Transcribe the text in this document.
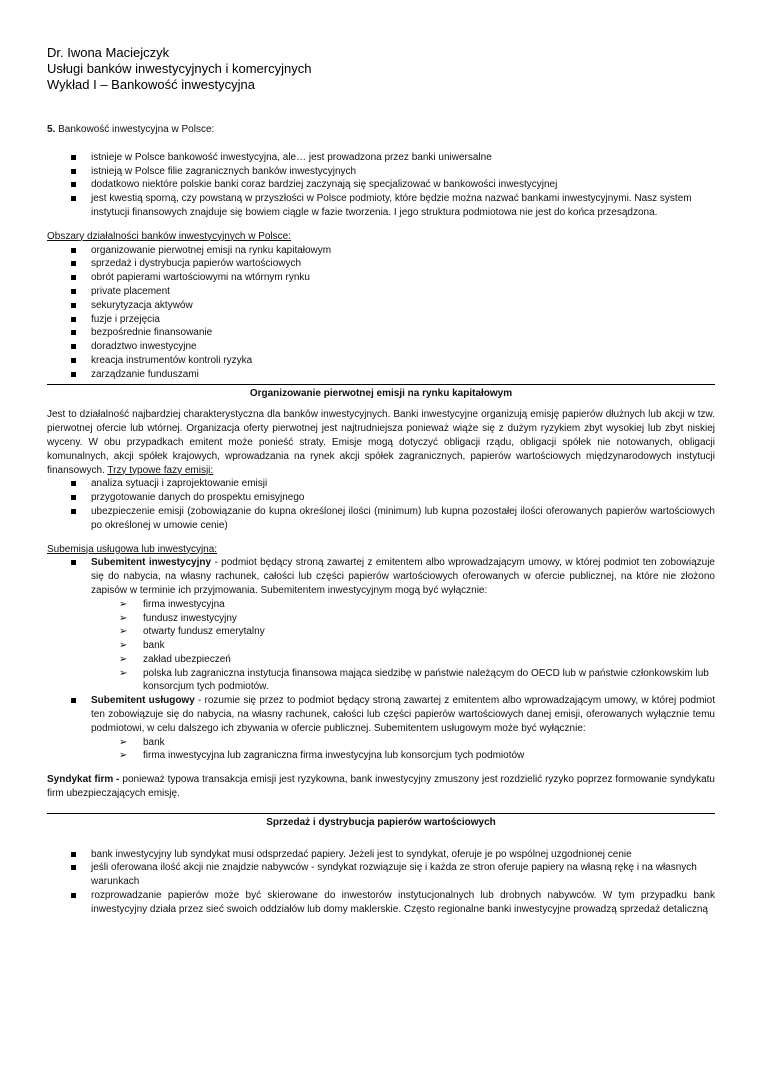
Dr. Iwona Maciejczyk
Usługi banków inwestycyjnych i komercyjnych
Wykład I – Bankowość inwestycyjna

5. Bankowość inwestycyjna w Polsce:

istnieje w Polsce bankowość inwestycyjna, ale… jest prowadzona przez banki uniwersalne
istnieją w Polsce filie zagranicznych banków inwestycyjnych
dodatkowo niektóre polskie banki coraz bardziej zaczynają się specjalizować w bankowości inwestycyjnej
jest kwestią sporną, czy powstaną w przyszłości w Polsce podmioty, które będzie można nazwać bankami inwestycyjnymi. Nasz system instytucji finansowych znajduje się bowiem ciągle w fazie tworzenia. I jego struktura podmiotowa nie jest do końca przesądzona.

Obszary działalności banków inwestycyjnych w Polsce:

organizowanie pierwotnej emisji na rynku kapitałowym
sprzedaż i dystrybucja papierów wartościowych
obrót papierami wartościowymi na wtórnym rynku
private placement
sekurytyzacja aktywów
fuzje i przejęcia
bezpośrednie finansowanie
doradztwo inwestycyjne
kreacja instrumentów kontroli ryzyka
zarządzanie funduszami
Organizowanie pierwotnej emisji na rynku kapitałowym

Jest to działalność najbardziej charakterystyczna dla banków inwestycyjnych. Banki inwestycyjne organizują emisję papierów dłużnych lub akcji w tzw. pierwotnej ofercie lub wtórnej. Organizacja oferty pierwotnej jest najtrudniejsza ponieważ wiąże się z dużym ryzykiem zbyt wysokiej lub zbyt niskiej wyceny. W obu przypadkach emitent może ponieść straty. Emisje mogą dotyczyć obligacji rządu, obligacji spółek nie notowanych, obligacji komunalnych, akcji spółek krajowych, wprowadzania na rynek akcji spółek zagranicznych, papierów wartościowych międzynarodowych instytucji finansowych. Trzy typowe fazy emisji:

analiza sytuacji i zaprojektowanie emisji
przygotowanie danych do prospektu emisyjnego
ubezpieczenie emisji (zobowiązanie do kupna określonej ilości (minimum) lub kupna pozostałej ilości oferowanych papierów wartościowych po określonej w umowie cenie)

Subemisja usługowa lub inwestycyjna:

Subemitent inwestycyjny - podmiot będący stroną zawartej z emitentem albo wprowadzającym umowy, w której podmiot ten zobowiązuje się do nabycia, na własny rachunek, całości lub części papierów wartościowych oferowanych w ofercie publicznej, na które nie złożono zapisów w terminie ich przyjmowania. Subemitentem inwestycyjnym mogą być wyłącznie:
➢ firma inwestycyjna
➢ fundusz inwestycyjny
➢ otwarty fundusz emerytalny
➢ bank
➢ zakład ubezpieczeń
➢ polska lub zagraniczna instytucja finansowa mająca siedzibę w państwie należącym do OECD lub w państwie członkowskim lub konsorcjum tych podmiotów.
Subemitent usługowy - rozumie się przez to podmiot będący stroną zawartej z emitentem albo wprowadzającym umowy, w której podmiot ten zobowiązuje się do nabycia, na własny rachunek, całości lub części papierów wartościowych danej emisji, oferowanych wyłącznie temu podmiotowi, w celu dalszego ich zbywania w ofercie publicznej. Subemitentem usługowym może być wyłącznie:
➢ bank
➢ firma inwestycyjna lub zagraniczna firma inwestycyjna lub konsorcjum tych podmiotów

Syndykat firm - ponieważ typowa transakcja emisji jest ryzykowna, bank inwestycyjny zmuszony jest rozdzielić ryzyko poprzez formowanie syndykatu firm ubezpieczających emisję.

Sprzedaż i dystrybucja papierów wartościowych
bank inwestycyjny lub syndykat musi odsprzedać papiery. Jeżeli jest to syndykat, oferuje je po wspólnej uzgodnionej cenie
jeśli oferowana ilość akcji nie znajdzie nabywców - syndykat rozwiązuje się i każda ze stron oferuje papiery na własną rękę i na własnych warunkach
rozprowadzanie papierów może być skierowane do inwestorów instytucjonalnych lub drobnych nabywców. W tym przypadku bank inwestycyjny działa przez sieć swoich oddziałów lub domy maklerskie. Często regionalne banki inwestycyjne prowadzą sprzedaż detaliczną
